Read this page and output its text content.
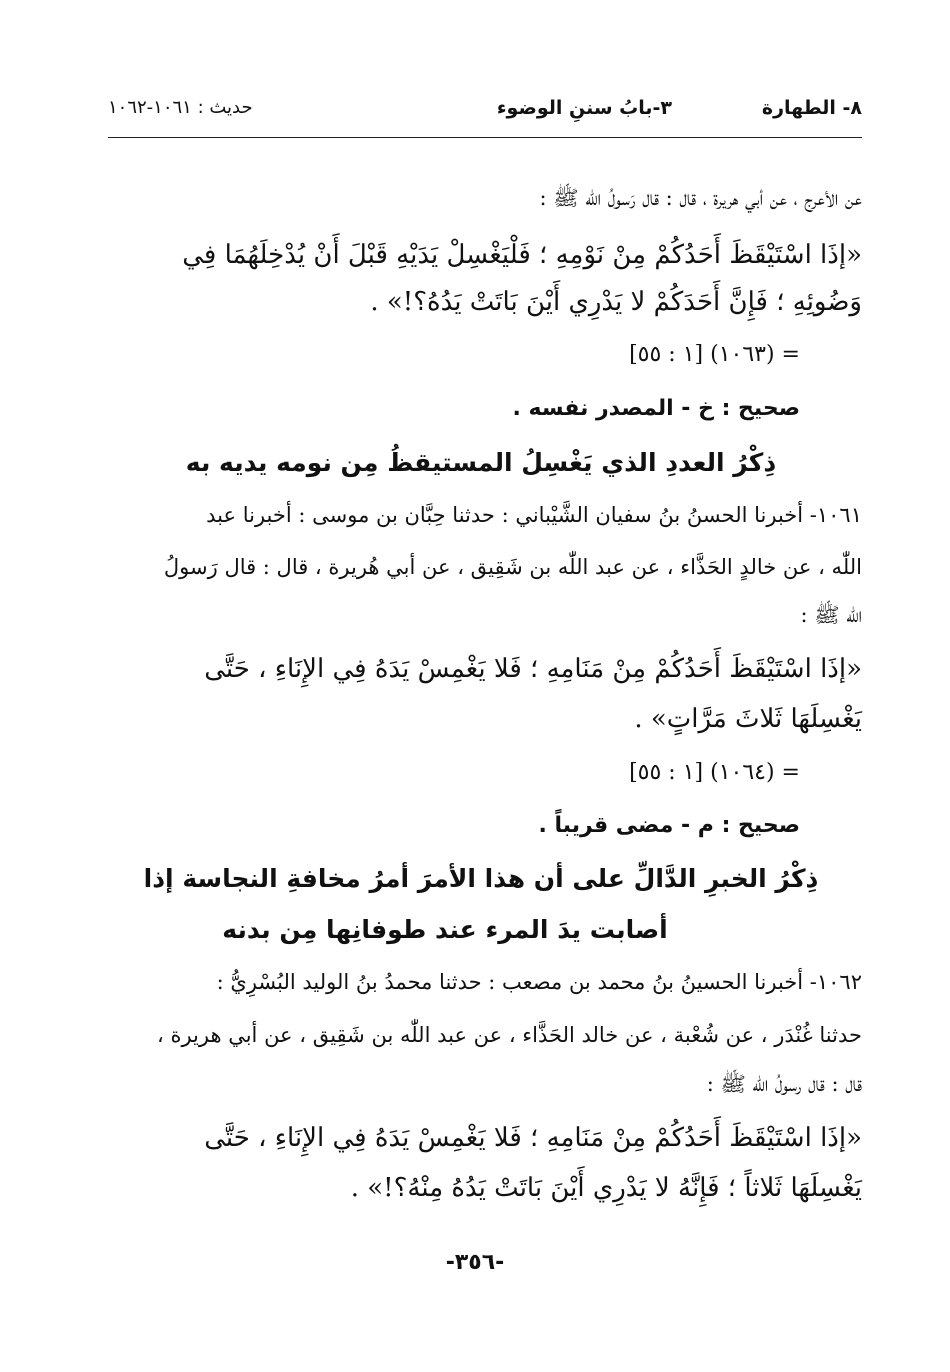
٨- الطهارة
٣-بابُ سننِ الوضوء
حديث : ١٠٦١-١٠٦٢
عن الأعرج ، عن أبي هريرة ، قال : قال رَسولُ اللّٰه ﷺ :
«إذَا اسْتَيْقَظَ أَحَدُكُمْ مِنْ نَوْمِهِ ؛ فَلْيَغْسِلْ يَدَيْهِ قَبْلَ أَنْ يُدْخِلَهُمَا فِي
وَضُوئِهِ ؛ فَإِنَّ أَحَدَكُمْ لا يَدْرِي أَيْنَ بَاتَتْ يَدُهُ؟!» .
= (١٠٦٣) [١ : ٥٥]
صحيح : خ - المصدر نفسه .
ذِكْرُ العددِ الذي يَغْسِلُ المستيقظُ مِن نومه يديه به
١٠٦١- أخبرنا الحسنُ بنُ سفيان الشَّيْباني : حدثنا حِبَّان بن موسى : أخبرنا عبد
اللّٰه ، عن خالدٍ الحَذَّاء ، عن عبد اللّٰه بن شَقِيق ، عن أبي هُريرة ، قال : قال رَسولُ
اللّٰه ﷺ :
«إذَا اسْتَيْقَظَ أَحَدُكُمْ مِنْ مَنَامِهِ ؛ فَلا يَغْمِسْ يَدَهُ فِي الإِنَاءِ ، حَتَّى
يَغْسِلَهَا ثَلاثَ مَرَّاتٍ» .
= (١٠٦٤) [١ : ٥٥]
صحيح : م - مضى قريباً .
ذِكْرُ الخبرِ الدَّالِّ على أن هذا الأمرَ أمرُ مخافةِ النجاسة إذا
أصابت يدَ المرء عند طوفانِها مِن بدنه
١٠٦٢- أخبرنا الحسينُ بنُ محمد بن مصعب : حدثنا محمدُ بنُ الوليد البُسْرِيُّ :
حدثنا غُنْدَر ، عن شُعْبة ، عن خالد الحَذَّاء ، عن عبد اللّٰه بن شَقِيق ، عن أبي هريرة ،
قال : قال رسولُ اللّٰه ﷺ :
«إذَا اسْتَيْقَظَ أَحَدُكُمْ مِنْ مَنَامِهِ ؛ فَلا يَغْمِسْ يَدَهُ فِي الإِنَاءِ ، حَتَّى
يَغْسِلَهَا ثَلاثاً ؛ فَإِنَّهُ لا يَدْرِي أَيْنَ بَاتَتْ يَدُهُ مِنْهُ؟!» .
-٣٥٦-
